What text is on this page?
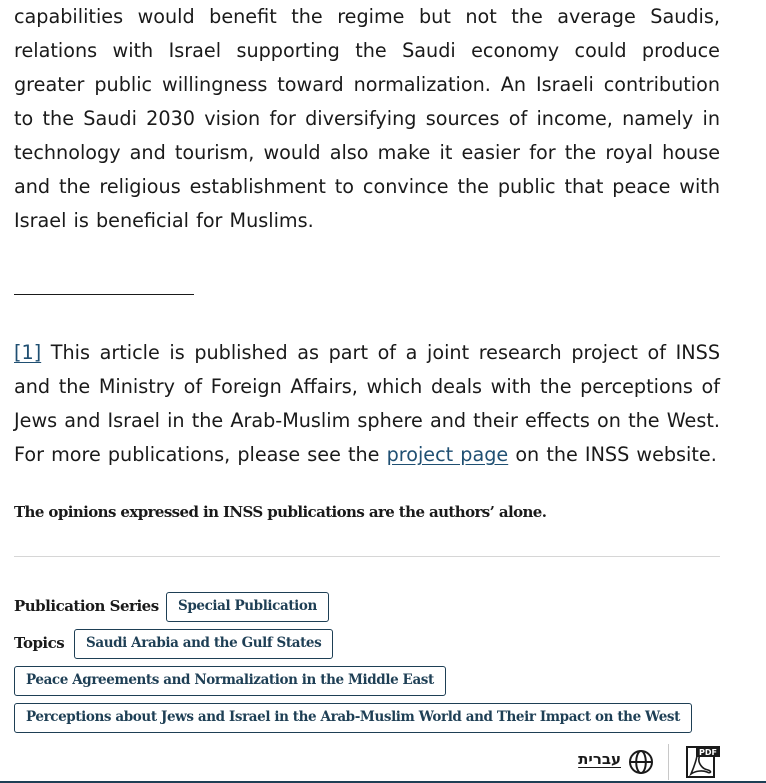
capabilities would benefit the regime but not the average Saudis, relations with Israel supporting the Saudi economy could produce greater public willingness toward normalization. An Israeli contribution to the Saudi 2030 vision for diversifying sources of income, namely in technology and tourism, would also make it easier for the royal house and the religious establishment to convince the public that peace with Israel is beneficial for Muslims.

[1] This article is published as part of a joint research project of INSS and the Ministry of Foreign Affairs, which deals with the perceptions of Jews and Israel in the Arab-Muslim sphere and their effects on the West. For more publications, please see the project page on the INSS website.

The opinions expressed in INSS publications are the authors’ alone.
Publication Series	Special Publication
Topics	Saudi Arabia and the Gulf States
Peace Agreements and Normalization in the Middle East
Perceptions about Jews and Israel in the Arab-Muslim World and Their Impact on the West
עברית	PDF
